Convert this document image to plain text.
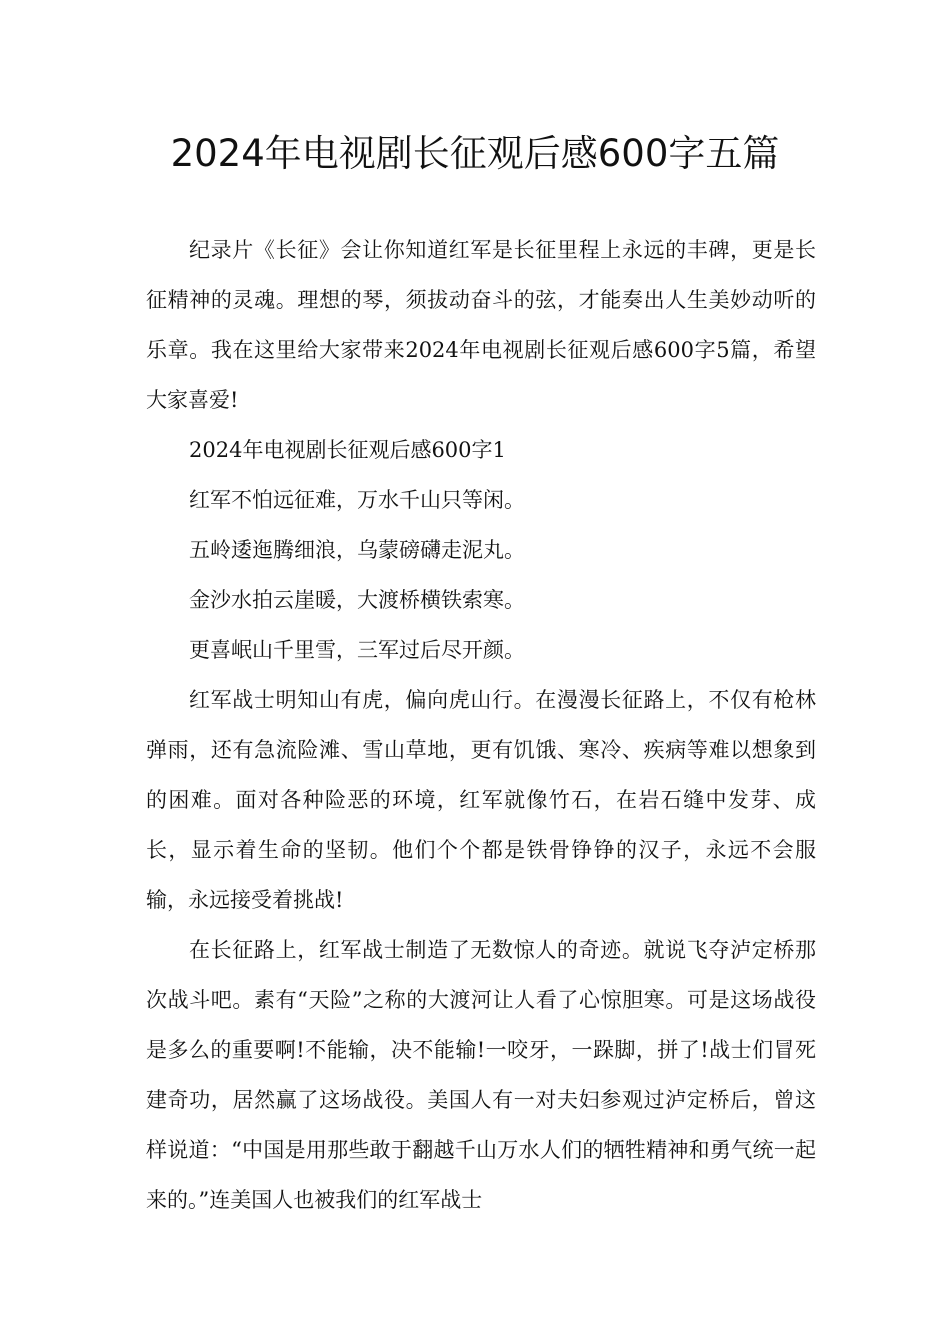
2024年电视剧长征观后感600字五篇

纪录片《长征》会让你知道红军是长征里程上永远的丰碑，更是长征精神的灵魂。理想的琴，须拔动奋斗的弦，才能奏出人生美妙动听的乐章。我在这里给大家带来2024年电视剧长征观后感600字5篇，希望大家喜爱!

2024年电视剧长征观后感600字1

红军不怕远征难，万水千山只等闲。

五岭逶迤腾细浪，乌蒙磅礴走泥丸。

金沙水拍云崖暖，大渡桥横铁索寒。

更喜岷山千里雪，三军过后尽开颜。

红军战士明知山有虎，偏向虎山行。在漫漫长征路上，不仅有枪林弹雨，还有急流险滩、雪山草地，更有饥饿、寒冷、疾病等难以想象到的困难。面对各种险恶的环境，红军就像竹石，在岩石缝中发芽、成长，显示着生命的坚韧。他们个个都是铁骨铮铮的汉子，永远不会服输，永远接受着挑战!

在长征路上，红军战士制造了无数惊人的奇迹。就说飞夺泸定桥那次战斗吧。素有“天险”之称的大渡河让人看了心惊胆寒。可是这场战役是多么的重要啊!不能输，决不能输!一咬牙，一跺脚，拼了!战士们冒死建奇功，居然赢了这场战役。美国人有一对夫妇参观过泸定桥后，曾这样说道：“中国是用那些敢于翻越千山万水人们的牺牲精神和勇气统一起来的。”连美国人也被我们的红军战士
